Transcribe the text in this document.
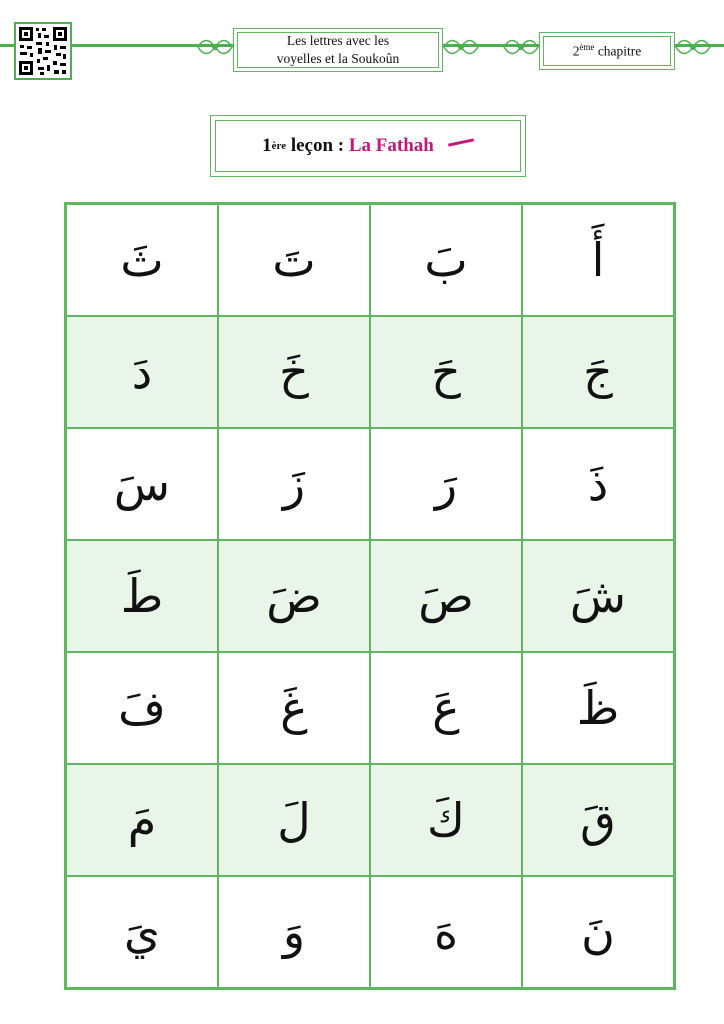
Les lettres avec les
voyelles et la Soukoûn
2ème chapitre
1 ère
leçon :
La Fathah
ثَ	تَ	بَ	أَ
دَ	خَ	حَ	جَ
سَ	زَ	رَ	ذَ
طَ	ضَ	صَ	شَ
فَ	غَ	عَ	ظَ
مَ	لَ	كَ	قَ
يَ	وَ	هَ	نَ
